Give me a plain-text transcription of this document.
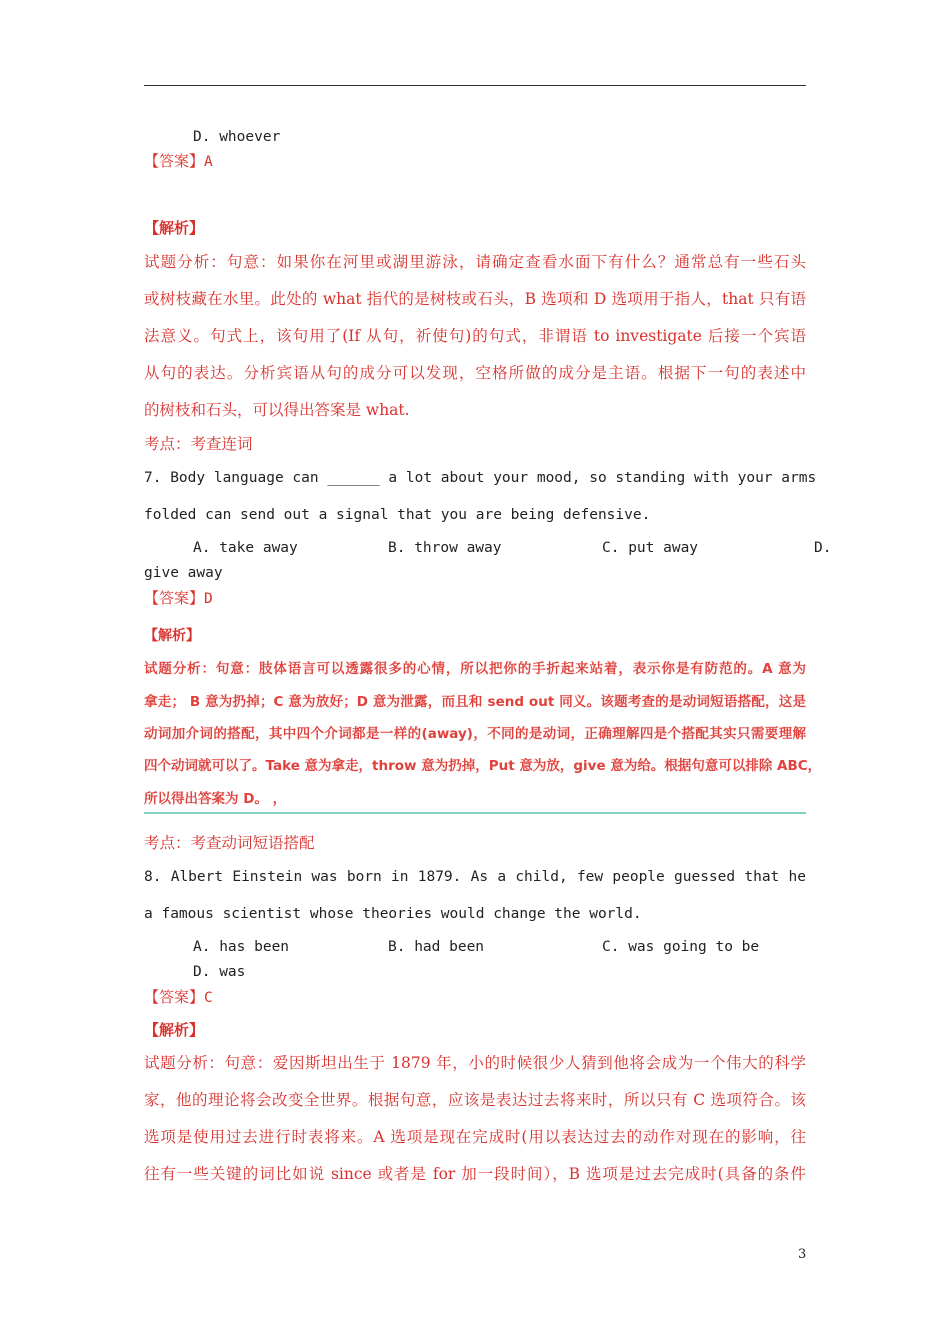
D. whoever
【答案】A
【解析】
试题分析：句意：如果你在河里或湖里游泳，请确定查看水面下有什么？通常总有一些石头
或树枝藏在水里。此处的 what 指代的是树枝或石头，B 选项和 D 选项用于指人，that 只有语
法意义。句式上，该句用了(If 从句，祈使句)的句式，非谓语 to investigate 后接一个宾语
从句的表达。分析宾语从句的成分可以发现，空格所做的成分是主语。根据下一句的表述中
的树枝和石头，可以得出答案是 what.
考点：考查连词
7. Body language can ______ a lot about your mood, so standing with your arms
folded can send out a signal that you are being defensive.
A. take away	B. throw away	C. put away	D.
give away
【答案】D
【解析】
试题分析：句意：肢体语言可以透露很多的心情，所以把你的手折起来站着，表示你是有防范的。A 意为
拿走； B 意为扔掉；C 意为放好；D 意为泄露，而且和 send out 同义。该题考查的是动词短语搭配，这是
动词加介词的搭配，其中四个介词都是一样的(away)，不同的是动词，正确理解四是个搭配其实只需要理解
四个动词就可以了。Take 意为拿走，throw 意为扔掉，Put 意为放，give 意为给。根据句意可以排除 ABC，
所以得出答案为 D。 ，
考点：考查动词短语搭配
8. Albert Einstein was born in 1879. As a child, few people guessed that he
a famous scientist whose theories would change the world.
A. has been	B. had been	C. was going to be
D. was
【答案】C
【解析】
试题分析：句意：爱因斯坦出生于 1879 年，小的时候很少人猜到他将会成为一个伟大的科学
家，他的理论将会改变全世界。根据句意，应该是表达过去将来时，所以只有 C 选项符合。该
选项是使用过去进行时表将来。A 选项是现在完成时(用以表达过去的动作对现在的影响，往
往有一些关键的词比如说 since 或者是 for 加一段时间），B 选项是过去完成时(具备的条件
3
